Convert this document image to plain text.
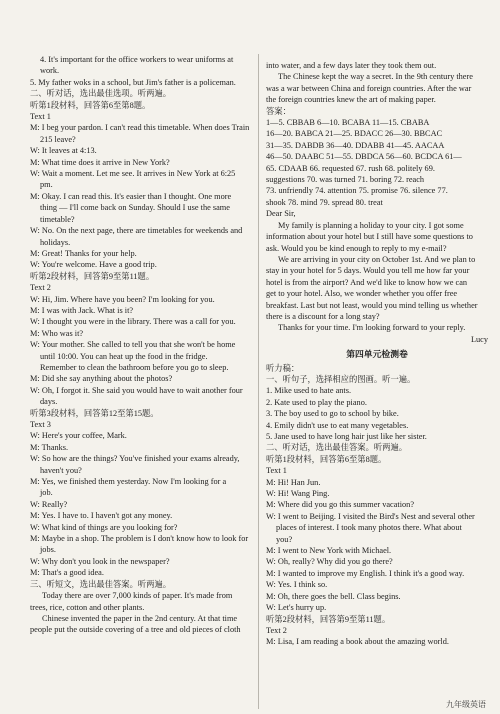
4. It's important for the office workers to wear uniforms at

work.

5. My father woks in a school, but Jim's father is a policeman.

二、听对话，选出最佳选项。听两遍。

听第1段材料，回答第6至第8题。

Text 1

M: I beg your pardon. I can't read this timetable. When does Train

215 leave?

W: It leaves at 4:13.

M: What time does it arrive in New York?

W: Wait a moment. Let me see. It arrives in New York at 6:25

pm.

M: Okay. I can read this. It's easier than I thought. One more

thing — I'll come back on Sunday. Should I use the same

timetable?

W: No. On the next page, there are timetables for weekends and

holidays.

M: Great! Thanks for your help.

W: You're welcome. Have a good trip.

听第2段材料，回答第9至第11题。

Text 2

W: Hi, Jim. Where have you been? I'm looking for you.

M: I was with Jack. What is it?

W: I thought you were in the library. There was a call for you.

M: Who was it?

W: Your mother. She called to tell you that she won't be home

until 10:00. You can heat up the food in the fridge.

Remember to clean the bathroom before you go to sleep.

M: Did she say anything about the photos?

W: Oh, I forgot it. She said you would have to wait another four

days.

听第3段材料，回答第12至第15题。

Text 3

W: Here's your coffee, Mark.

M: Thanks.

W: So how are the things? You've finished your exams already,

haven't you?

M: Yes, we finished them yesterday. Now I'm looking for a

job.

W: Really?

M: Yes. I have to. I haven't got any money.

W: What kind of things are you looking for?

M: Maybe in a shop. The problem is I don't know how to look for

jobs.

W: Why don't you look in the newspaper?

M: That's a good idea.

三、听短文，选出最佳答案。听两遍。

Today there are over 7,000 kinds of paper. It's made from

trees, rice, cotton and other plants.

Chinese invented the paper in the 2nd century. At that time

people put the outside covering of a tree and old pieces of cloth

into water, and a few days later they took them out.

The Chinese kept the way a secret. In the 9th century there

was a war between China and foreign countries. After the war

the foreign countries knew the art of making paper.

答案：

1—5. CBBAB 6—10. BCABA 11—15. CBABA

16—20. BABCA 21—25. BDACC 26—30. BBCAC

31—35. DABDB 36—40. DDABB 41—45. AACAA

46—50. DAABC 51—55. DBDCA 56—60. BCDCA 61—

65. CDAAB 66. requested 67. rush 68. politely 69.

suggestions 70. was turned 71. boring 72. reach

73. unfriendly 74. attention 75. promise 76. silence 77.

shook 78. mind 79. spread 80. treat

Dear Sir,

My family is planning a holiday to your city. I got some

information about your hotel but I still have some questions to

ask. Would you be kind enough to reply to my e-mail?

We are arriving in your city on October 1st. And we plan to

stay in your hotel for 5 days. Would you tell me how far your

hotel is from the airport? And we'd like to know how we can

get to your hotel. Also, we wonder whether you offer free

breakfast. Last but not least, would you mind telling us whether

there is a discount for a long stay?

Thanks for your time. I'm looking forward to your reply.

Lucy

第四单元检测卷

听力稿：

一、听句子，选择相应的图画。听一遍。

1. Mike used to hate ants.

2. Kate used to play the piano.

3. The boy used to go to school by bike.

4. Emily didn't use to eat many vegetables.

5. Jane used to have long hair just like her sister.

二、听对话，选出最佳答案。听两遍。

听第1段材料，回答第6至第8题。

Text 1

M: Hi! Han Jun.

W: Hi! Wang Ping.

M: Where did you go this summer vacation?

W: I went to Beijing. I visited the Bird's Nest and several other

places of interest. I took many photos there. What about

you?

M: I went to New York with Michael.

W: Oh, really? Why did you go there?

M: I wanted to improve my English. I think it's a good way.

W: Yes. I think so.

M: Oh, there goes the bell. Class begins.

W: Let's hurry up.

听第2段材料，回答第9至第11题。

Text 2

M: Lisa, I am reading a book about the amazing world.

九年级英语
